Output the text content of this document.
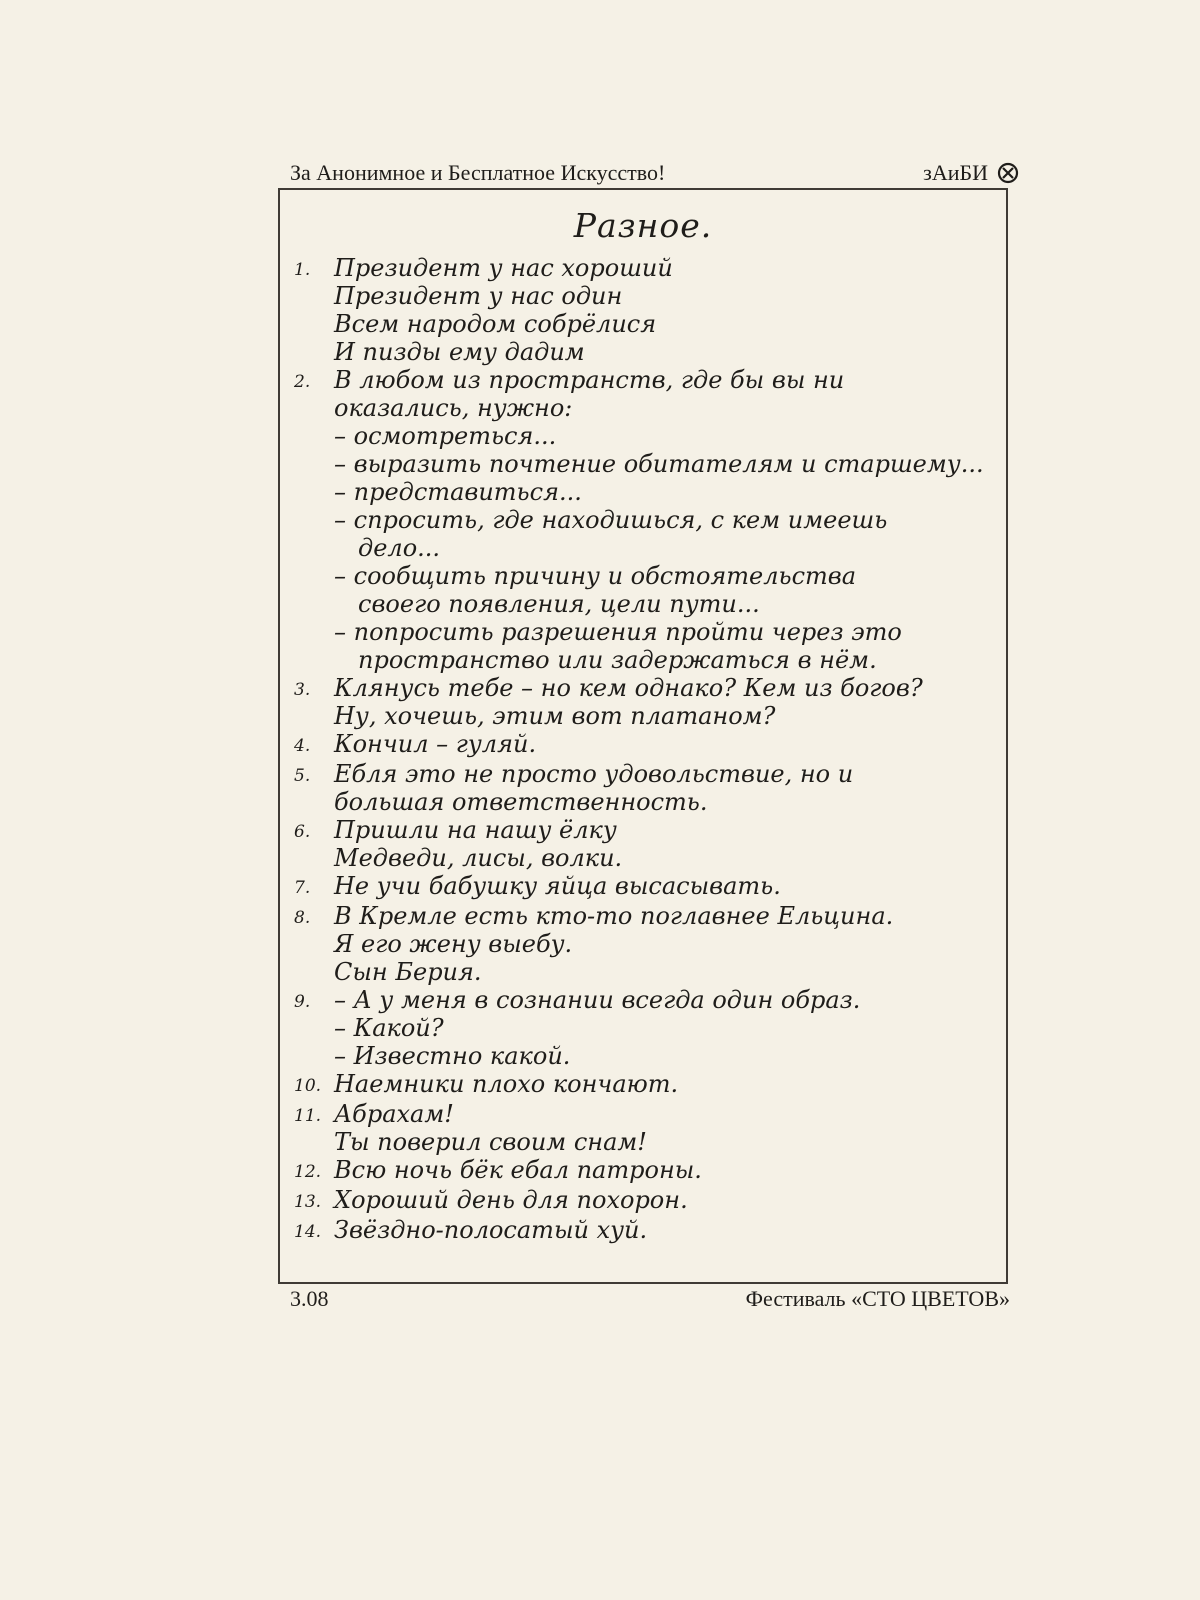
За Анонимное и Бесплатное Искусство!	зАиБИ
Разное.
1. Президент у нас хороший
Президент у нас один
Всем народом собрёлися
И пизды ему дадим
2. В любом из пространств, где бы вы ни
оказались, нужно:
– осмотреться...
– выразить почтение обитателям и старшему...
– представиться...
– спросить, где находишься, с кем имеешь
дело...
– сообщить причину и обстоятельства
своего появления, цели пути...
– попросить разрешения пройти через это
пространство или задержаться в нём.
3. Клянусь тебе – но кем однако? Кем из богов?
Ну, хочешь, этим вот платаном?
4. Кончил – гуляй.
5. Ебля это не просто удовольствие, но и
большая ответственность.
6. Пришли на нашу ёлку
Медведи, лисы, волки.
7. Не учи бабушку яйца высасывать.
8. В Кремле есть кто-то поглавнее Ельцина.
Я его жену выебу.
Сын Берия.
9. – А у меня в сознании всегда один образ.
– Какой?
– Известно какой.
10. Наемники плохо кончают.
11. Абрахам!
Ты поверил своим снам!
12. Всю ночь бёк ебал патроны.
13. Хороший день для похорон.
14. Звёздно-полосатый хуй.
3.08	Фестиваль «СТО ЦВЕТОВ»
